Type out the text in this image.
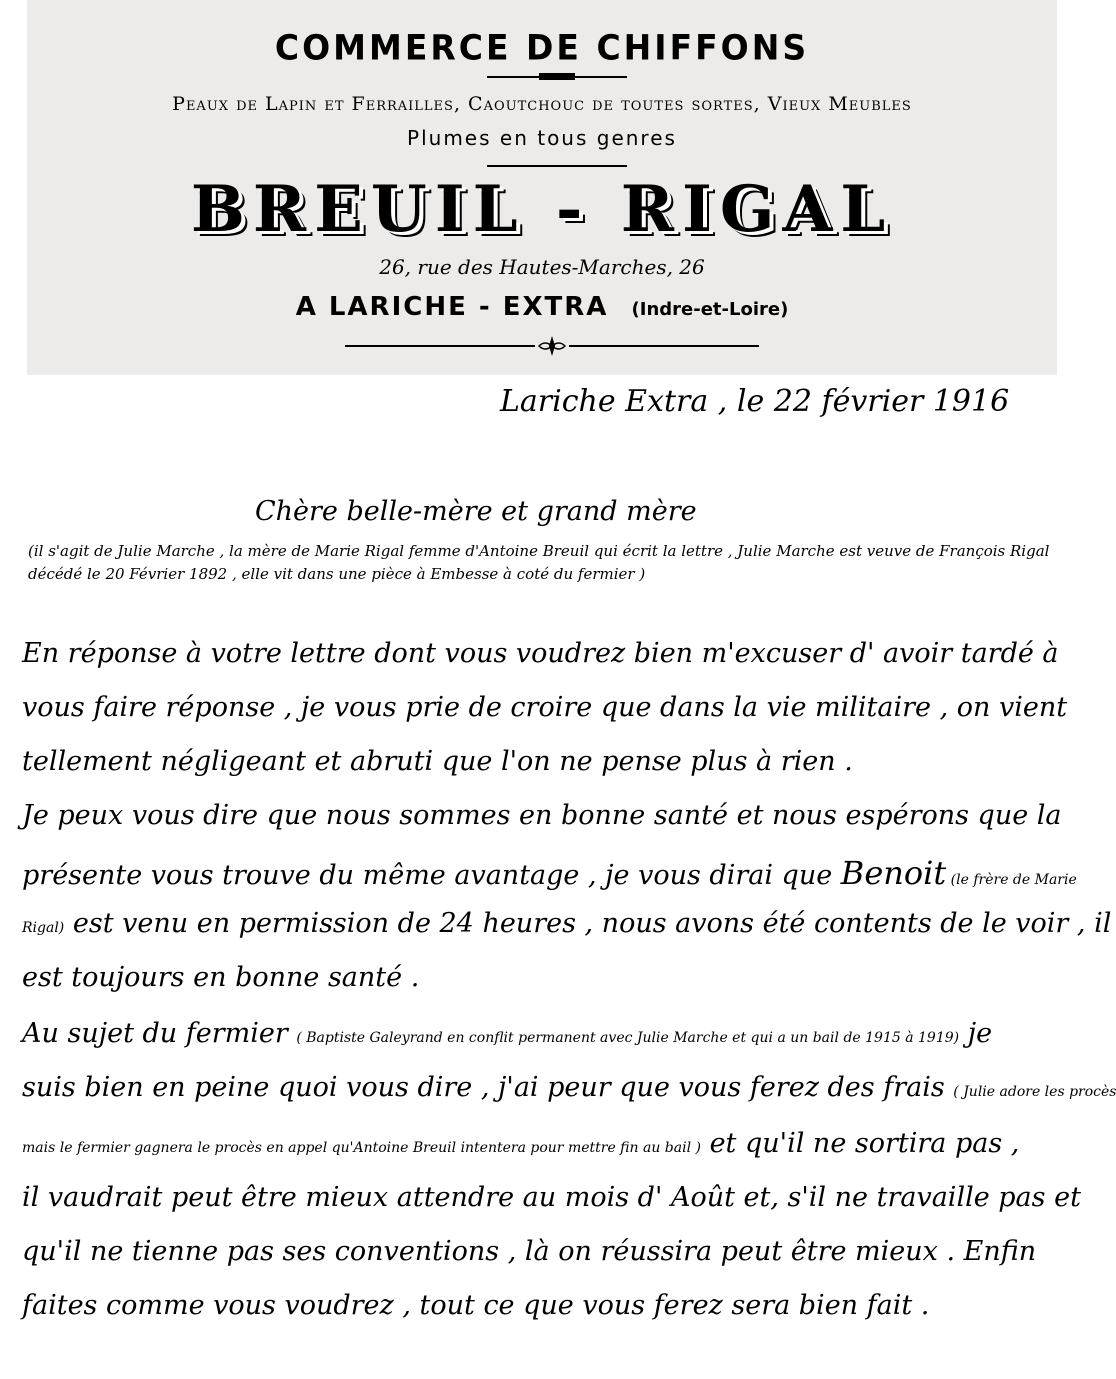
COMMERCE DE CHIFFONS
Peaux de Lapin et Ferrailles, Caoutchouc de toutes sortes, Vieux Meubles
Plumes en tous genres
BREUIL - RIGAL
26, rue des Hautes-Marches, 26
A LARICHE - EXTRA (Indre-et-Loire)
Lariche Extra , le 22 février 1916
Chère belle-mère et grand mère
(il s'agit de Julie Marche , la mère de Marie Rigal femme d'Antoine Breuil qui écrit la lettre , Julie Marche est veuve de François Rigal
décédé le 20 Février 1892 , elle vit dans une pièce à Embesse à coté du fermier )
En réponse à votre lettre dont vous voudrez bien m'excuser d' avoir tardé à
vous faire réponse , je vous prie de croire que dans la vie militaire , on vient
tellement négligeant et abruti que l'on ne pense plus à rien .
Je peux vous dire que nous sommes en bonne santé et nous espérons que la
présente vous trouve du même avantage , je vous dirai que Benoit (le frère de Marie
Rigal) est venu en permission de 24 heures , nous avons été contents de le voir , il
est toujours en bonne santé .
Au sujet du fermier ( Baptiste Galeyrand en conflit permanent avec Julie Marche et qui a un bail de 1915 à 1919) je
suis bien en peine quoi vous dire , j'ai peur que vous ferez des frais ( Julie adore les procès
mais le fermier gagnera le procès en appel qu'Antoine Breuil intentera pour mettre fin au bail ) et qu'il ne sortira pas ,
il vaudrait peut être mieux attendre au mois d' Août et, s'il ne travaille pas et
qu'il ne tienne pas ses conventions , là on réussira peut être mieux . Enfin
faites comme vous voudrez , tout ce que vous ferez sera bien fait .
